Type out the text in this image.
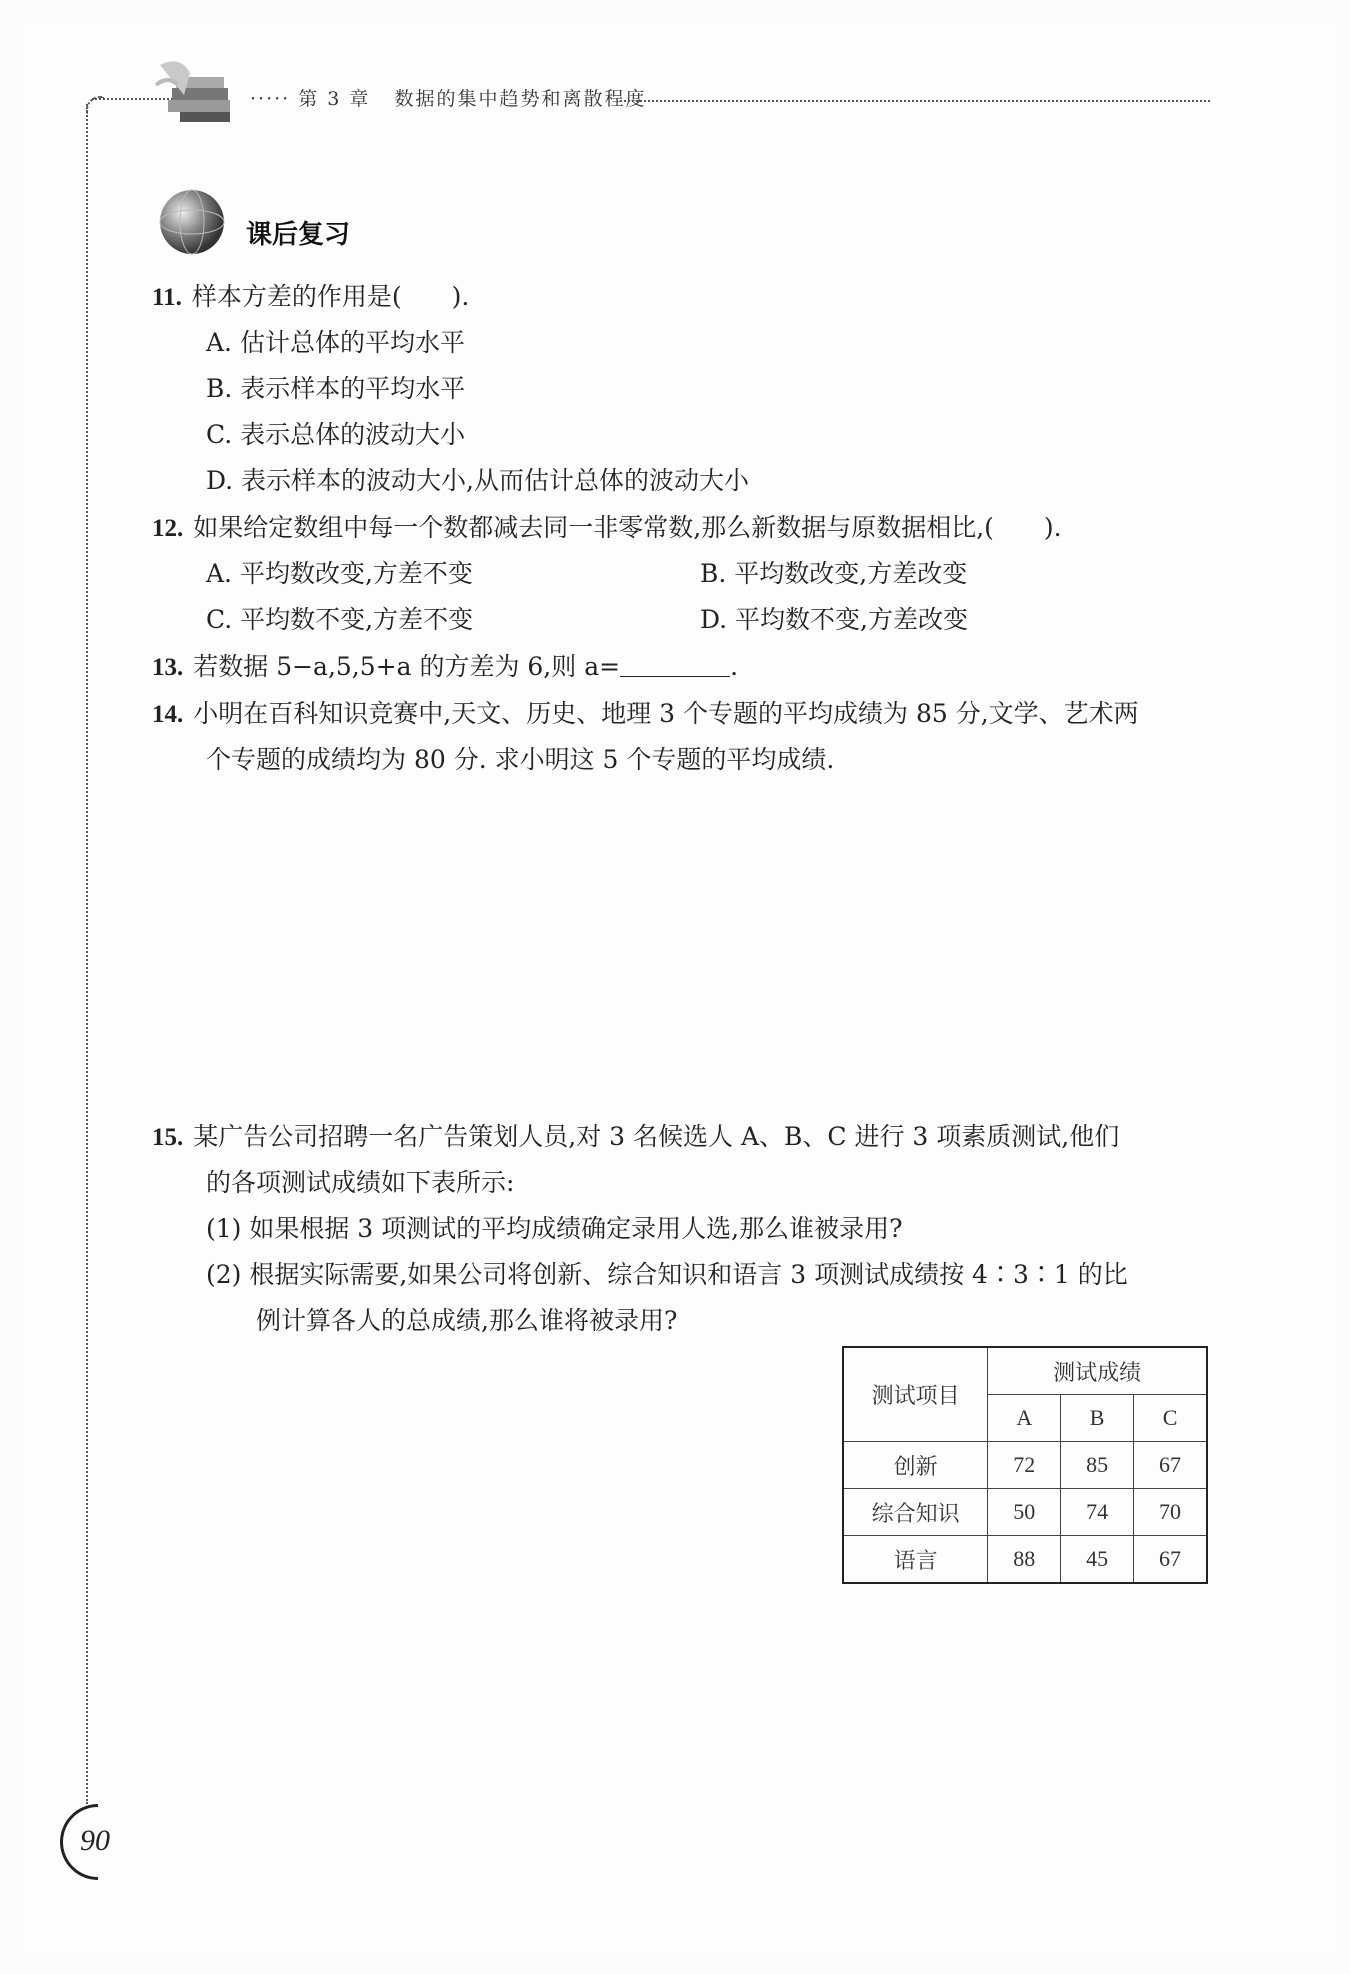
····· 第 3 章 数据的集中趋势和离散程度
课后复习
11. 样本方差的作用是( ).
A. 估计总体的平均水平
B. 表示样本的平均水平
C. 表示总体的波动大小
D. 表示样本的波动大小,从而估计总体的波动大小
12. 如果给定数组中每一个数都减去同一非零常数,那么新数据与原数据相比,( ).
A. 平均数改变,方差不变	B. 平均数改变,方差改变
C. 平均数不变,方差不变	D. 平均数不变,方差改变
13. 若数据 5−a,5,5+a 的方差为 6,则 a=	.
14. 小明在百科知识竞赛中,天文、历史、地理 3 个专题的平均成绩为 85 分,文学、艺术两
个专题的成绩均为 80 分. 求小明这 5 个专题的平均成绩.
15. 某广告公司招聘一名广告策划人员,对 3 名候选人 A、B、C 进行 3 项素质测试,他们
的各项测试成绩如下表所示:
(1) 如果根据 3 项测试的平均成绩确定录用人选,那么谁被录用?
(2) 根据实际需要,如果公司将创新、综合知识和语言 3 项测试成绩按 4∶3∶1 的比
例计算各人的总成绩,那么谁将被录用?
测试项目	测试成绩		
	A	B	C
创新	72	85	67
综合知识	50	74	70
语言	88	45	67
90
